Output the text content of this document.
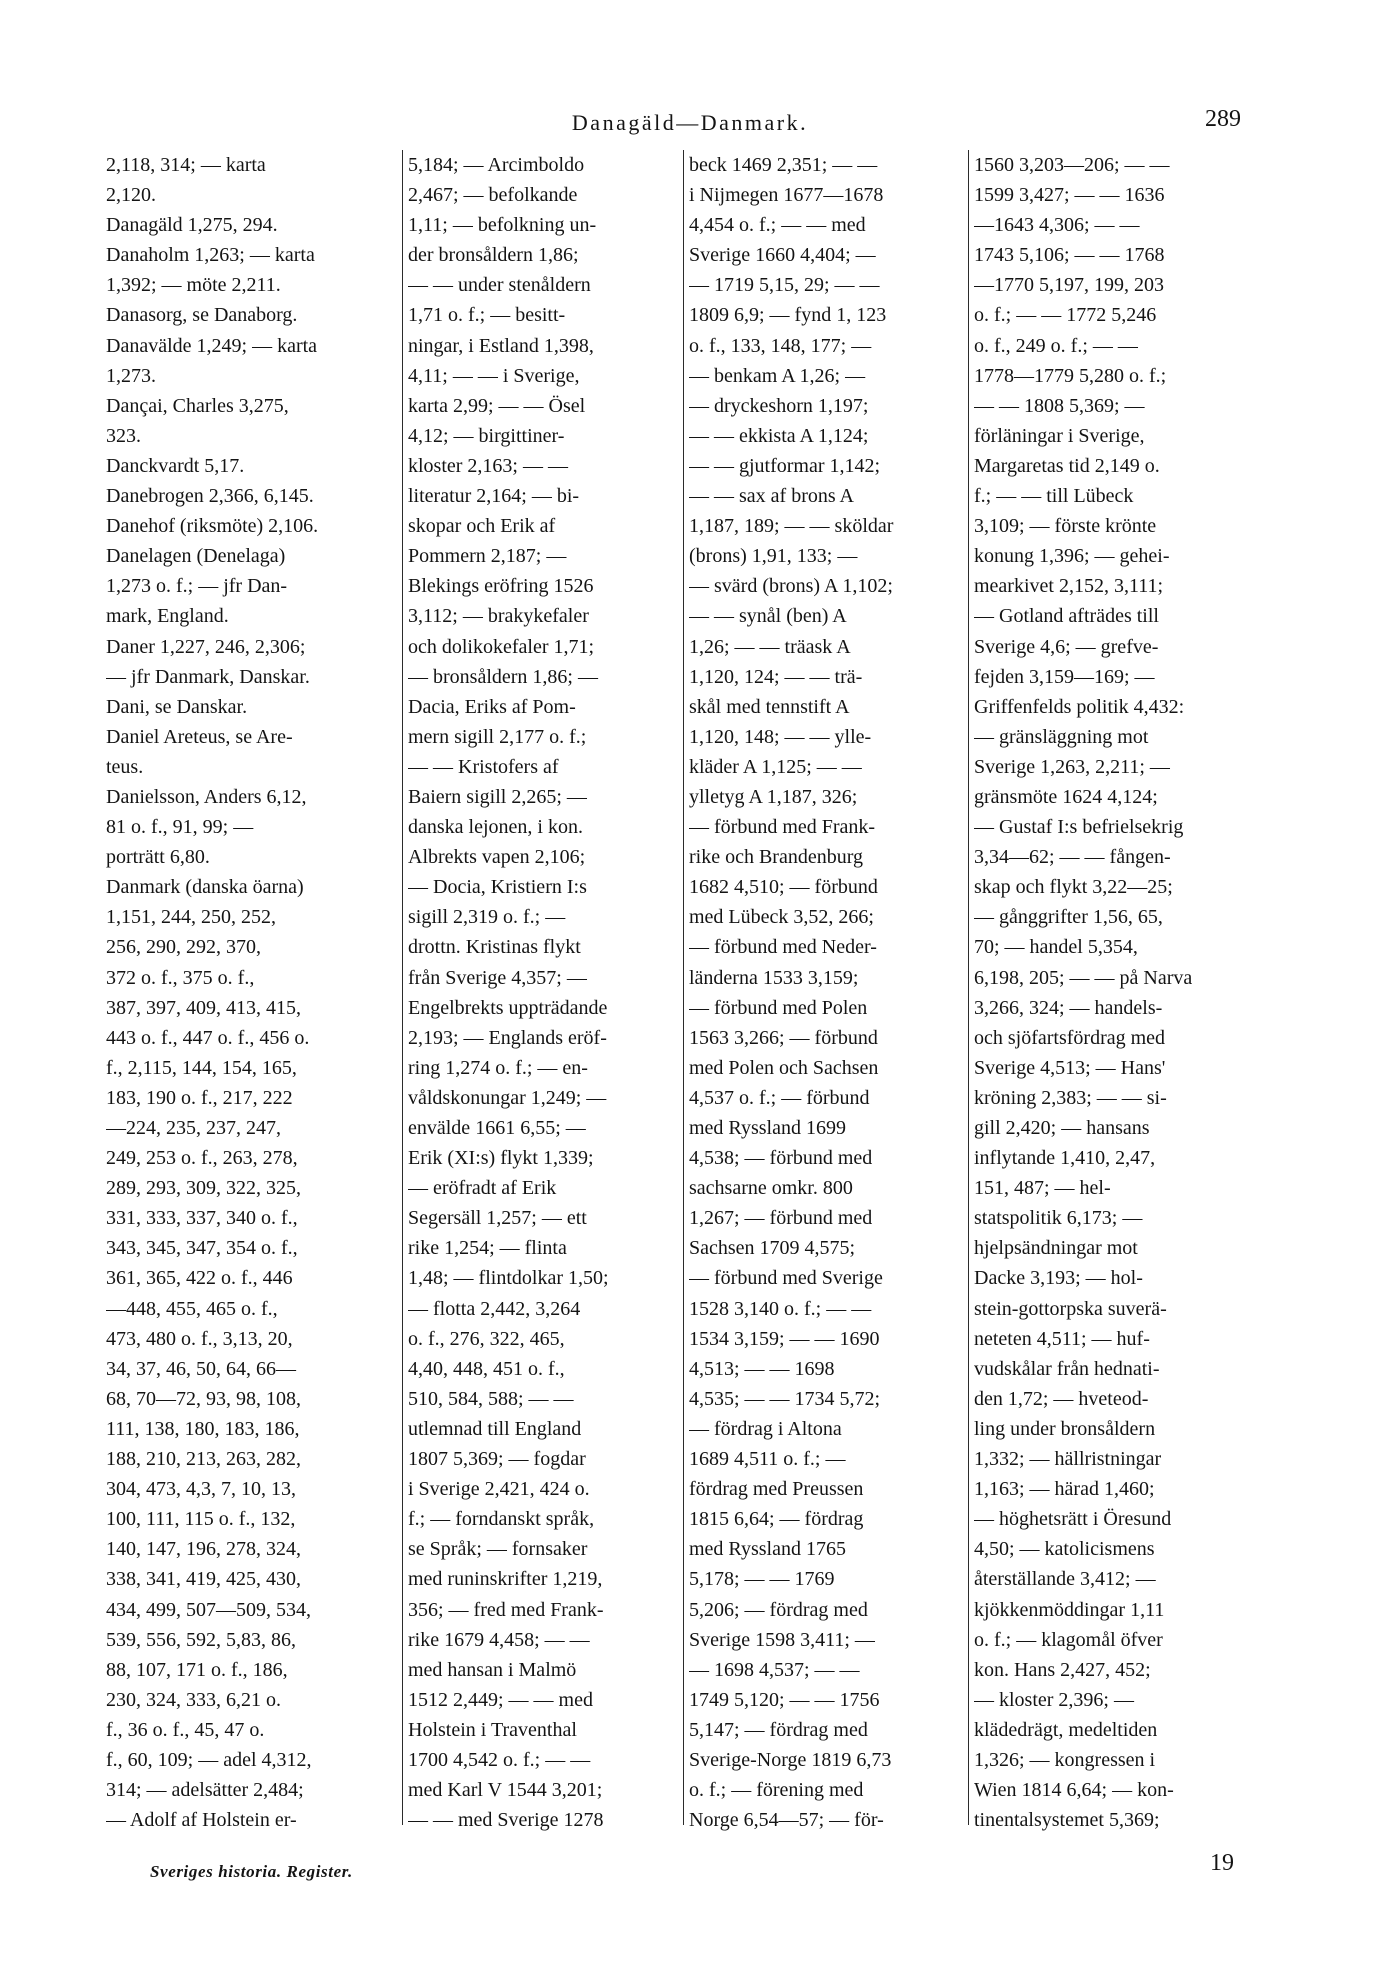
Danagäld—Danmark.	289
2,118, 314; — karta
2,120.
Danagäld 1,275, 294.
Danaholm 1,263; — karta
1,392; — möte 2,211.
Danasorg, se Danaborg.
Danavälde 1,249; — karta
1,273.
Dançai, Charles 3,275,
323.
Danckvardt 5,17.
Danebrogen 2,366, 6,145.
Danehof (riksmöte) 2,106.
Danelagen (Denelaga)
1,273 o. f.; — jfr Dan-
mark, England.
Daner 1,227, 246, 2,306;
— jfr Danmark, Danskar.
Dani, se Danskar.
Daniel Areteus, se Are-
teus.
Danielsson, Anders 6,12,
81 o. f., 91, 99; —
porträtt 6,80.
Danmark (danska öarna)
1,151, 244, 250, 252,
256, 290, 292, 370,
372 o. f., 375 o. f.,
387, 397, 409, 413, 415,
443 o. f., 447 o. f., 456 o.
f., 2,115, 144, 154, 165,
183, 190 o. f., 217, 222
—224, 235, 237, 247,
249, 253 o. f., 263, 278,
289, 293, 309, 322, 325,
331, 333, 337, 340 o. f.,
343, 345, 347, 354 o. f.,
361, 365, 422 o. f., 446
—448, 455, 465 o. f.,
473, 480 o. f., 3,13, 20,
34, 37, 46, 50, 64, 66—
68, 70—72, 93, 98, 108,
111, 138, 180, 183, 186,
188, 210, 213, 263, 282,
304, 473, 4,3, 7, 10, 13,
100, 111, 115 o. f., 132,
140, 147, 196, 278, 324,
338, 341, 419, 425, 430,
434, 499, 507—509, 534,
539, 556, 592, 5,83, 86,
88, 107, 171 o. f., 186,
230, 324, 333, 6,21 o.
f., 36 o. f., 45, 47 o.
f., 60, 109; — adel 4,312,
314; — adelsätter 2,484;
— Adolf af Holstein er-
5,184; — Arcimboldo
2,467; — befolkande
1,11; — befolkning un-
der bronsåldern 1,86;
— — under stenåldern
1,71 o. f.; — besitt-
ningar, i Estland 1,398,
4,11; — — i Sverige,
karta 2,99; — — Ösel
4,12; — birgittiner-
kloster 2,163; — —
literatur 2,164; — bi-
skopar och Erik af
Pommern 2,187; —
Blekings eröfring 1526
3,112; — brakykefaler
och dolikokefaler 1,71;
— bronsåldern 1,86; —
Dacia, Eriks af Pom-
mern sigill 2,177 o. f.;
— — Kristofers af
Baiern sigill 2,265; —
danska lejonen, i kon.
Albrekts vapen 2,106;
— Docia, Kristiern I:s
sigill 2,319 o. f.; —
drottn. Kristinas flykt
från Sverige 4,357; —
Engelbrekts uppträdande
2,193; — Englands eröf-
ring 1,274 o. f.; — en-
våldskonungar 1,249; —
envälde 1661 6,55; —
Erik (XI:s) flykt 1,339;
— eröfradt af Erik
Segersäll 1,257; — ett
rike 1,254; — flinta
1,48; — flintdolkar 1,50;
— flotta 2,442, 3,264
o. f., 276, 322, 465,
4,40, 448, 451 o. f.,
510, 584, 588; — —
utlemnad till England
1807 5,369; — fogdar
i Sverige 2,421, 424 o.
f.; — forndanskt språk,
se Språk; — fornsaker
med runinskrifter 1,219,
356; — fred med Frank-
rike 1679 4,458; — —
med hansan i Malmö
1512 2,449; — — med
Holstein i Traventhal
1700 4,542 o. f.; — —
med Karl V 1544 3,201;
— — med Sverige 1278
beck 1469 2,351; — —
i Nijmegen 1677—1678
4,454 o. f.; — — med
Sverige 1660 4,404; —
— 1719 5,15, 29; — —
1809 6,9; — fynd 1, 123
o. f., 133, 148, 177; —
— benkam A 1,26; —
— dryckeshorn 1,197;
— — ekkista A 1,124;
— — gjutformar 1,142;
— — sax af brons A
1,187, 189; — — sköldar
(brons) 1,91, 133; —
— svärd (brons) A 1,102;
— — synål (ben) A
1,26; — — träask A
1,120, 124; — — trä-
skål med tennstift A
1,120, 148; — — ylle-
kläder A 1,125; — —
ylletyg A 1,187, 326;
— förbund med Frank-
rike och Brandenburg
1682 4,510; — förbund
med Lübeck 3,52, 266;
— förbund med Neder-
länderna 1533 3,159;
— förbund med Polen
1563 3,266; — förbund
med Polen och Sachsen
4,537 o. f.; — förbund
med Ryssland 1699
4,538; — förbund med
sachsarne omkr. 800
1,267; — förbund med
Sachsen 1709 4,575;
— förbund med Sverige
1528 3,140 o. f.; — —
1534 3,159; — — 1690
4,513; — — 1698
4,535; — — 1734 5,72;
— fördrag i Altona
1689 4,511 o. f.; —
fördrag med Preussen
1815 6,64; — fördrag
med Ryssland 1765
5,178; — — 1769
5,206; — fördrag med
Sverige 1598 3,411; —
— 1698 4,537; — —
1749 5,120; — — 1756
5,147; — fördrag med
Sverige-Norge 1819 6,73
o. f.; — förening med
Norge 6,54—57; — för-
1560 3,203—206; — —
1599 3,427; — — 1636
—1643 4,306; — —
1743 5,106; — — 1768
—1770 5,197, 199, 203
o. f.; — — 1772 5,246
o. f., 249 o. f.; — —
1778—1779 5,280 o. f.;
— — 1808 5,369; —
förläningar i Sverige,
Margaretas tid 2,149 o.
f.; — — till Lübeck
3,109; — förste krönte
konung 1,396; — gehei-
mearkivet 2,152, 3,111;
— Gotland afträdes till
Sverige 4,6; — grefve-
fejden 3,159—169; —
Griffenfelds politik 4,432:
— gränsläggning mot
Sverige 1,263, 2,211; —
gränsmöte 1624 4,124;
— Gustaf I:s befrielsekrig
3,34—62; — — fången-
skap och flykt 3,22—25;
— gånggrifter 1,56, 65,
70; — handel 5,354,
6,198, 205; — — på Narva
3,266, 324; — handels-
och sjöfartsfördrag med
Sverige 4,513; — Hans'
kröning 2,383; — — si-
gill 2,420; — hansans
inflytande 1,410, 2,47,
151, 487; — hel-
statspolitik 6,173; —
hjelpsändningar mot
Dacke 3,193; — hol-
stein-gottorpska suverä-
neteten 4,511; — huf-
vudskålar från hednati-
den 1,72; — hveteod-
ling under bronsåldern
1,332; — hällristningar
1,163; — härad 1,460;
— höghetsrätt i Öresund
4,50; — katolicismens
återställande 3,412; —
kjökkenmöddingar 1,11
o. f.; — klagomål öfver
kon. Hans 2,427, 452;
— kloster 2,396; —
klädedrägt, medeltiden
1,326; — kongressen i
Wien 1814 6,64; — kon-
tinentalsystemet 5,369;
Sveriges historia. Register.	19
